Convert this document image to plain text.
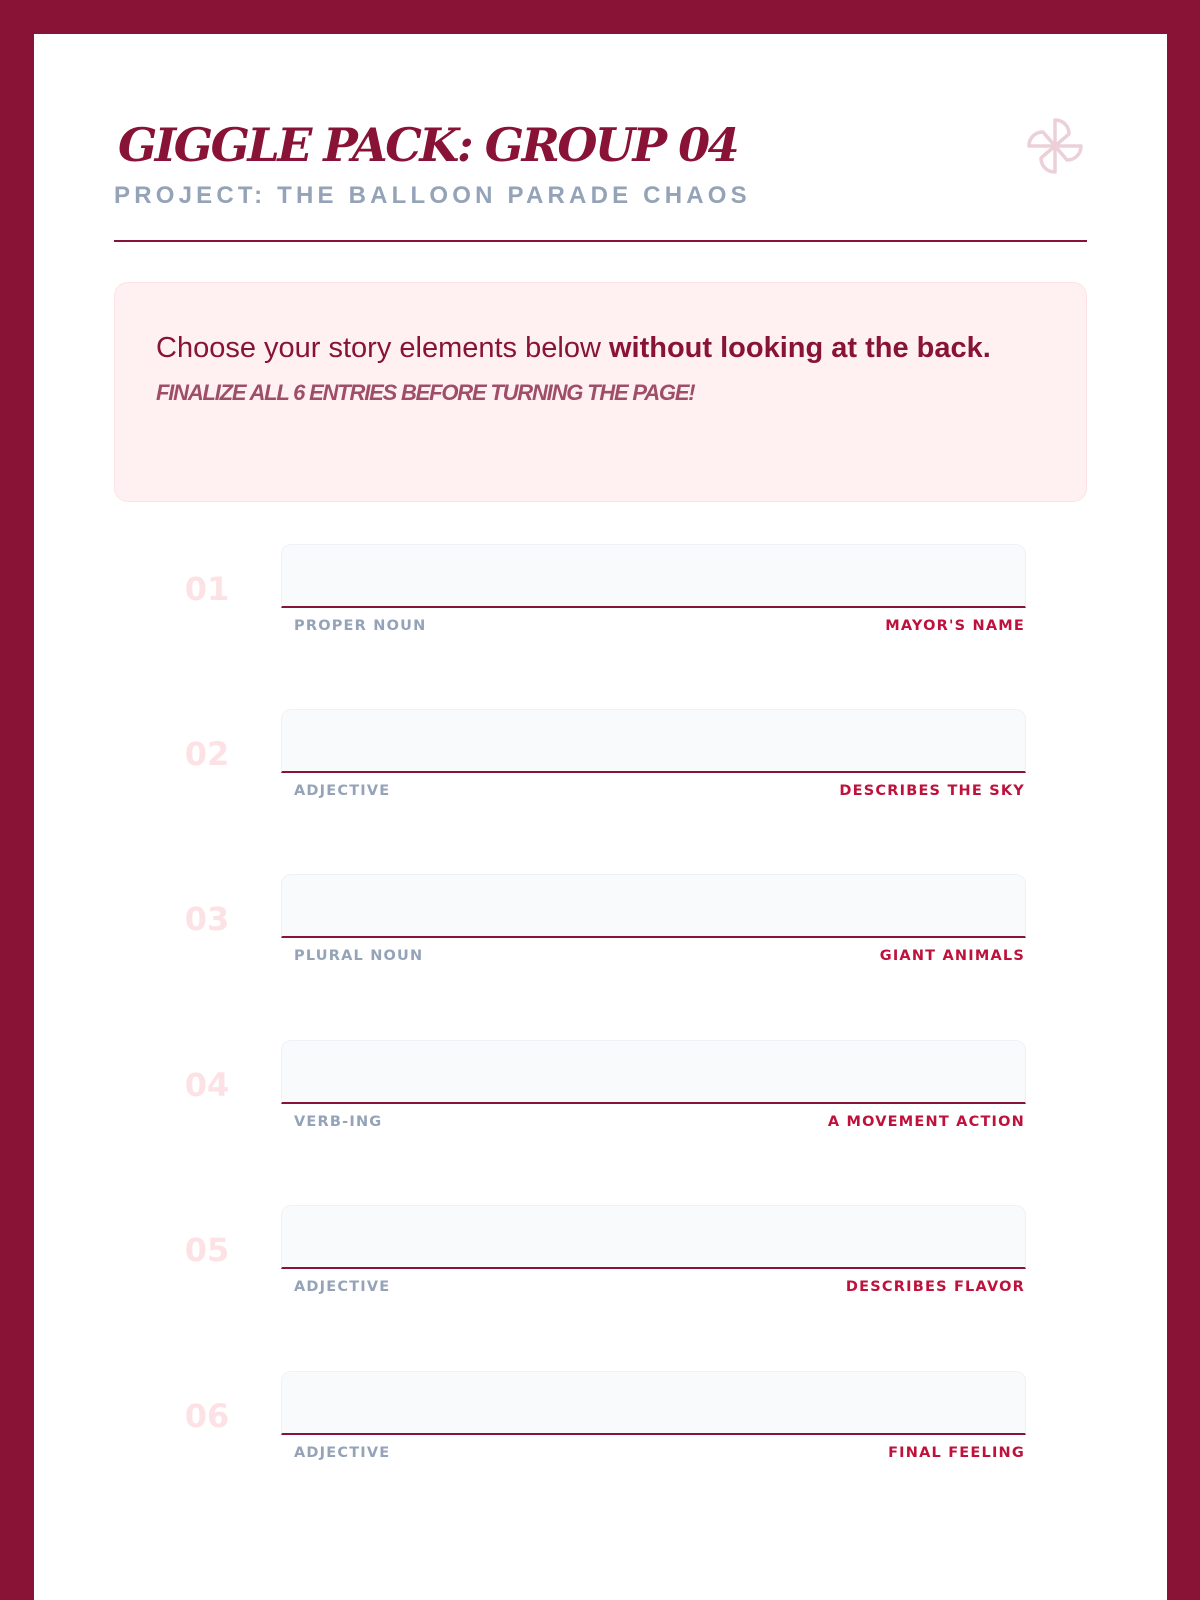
GIGGLE PACK: GROUP 04
PROJECT: THE BALLOON PARADE CHAOS

Choose your story elements below without looking at the back.

FINALIZE ALL 6 ENTRIES BEFORE TURNING THE PAGE!
01
PROPER NOUN	MAYOR'S NAME
02
ADJECTIVE	DESCRIBES THE SKY
03
PLURAL NOUN	GIANT ANIMALS
04
VERB-ING	A MOVEMENT ACTION
05
ADJECTIVE	DESCRIBES FLAVOR
06
ADJECTIVE	FINAL FEELING
